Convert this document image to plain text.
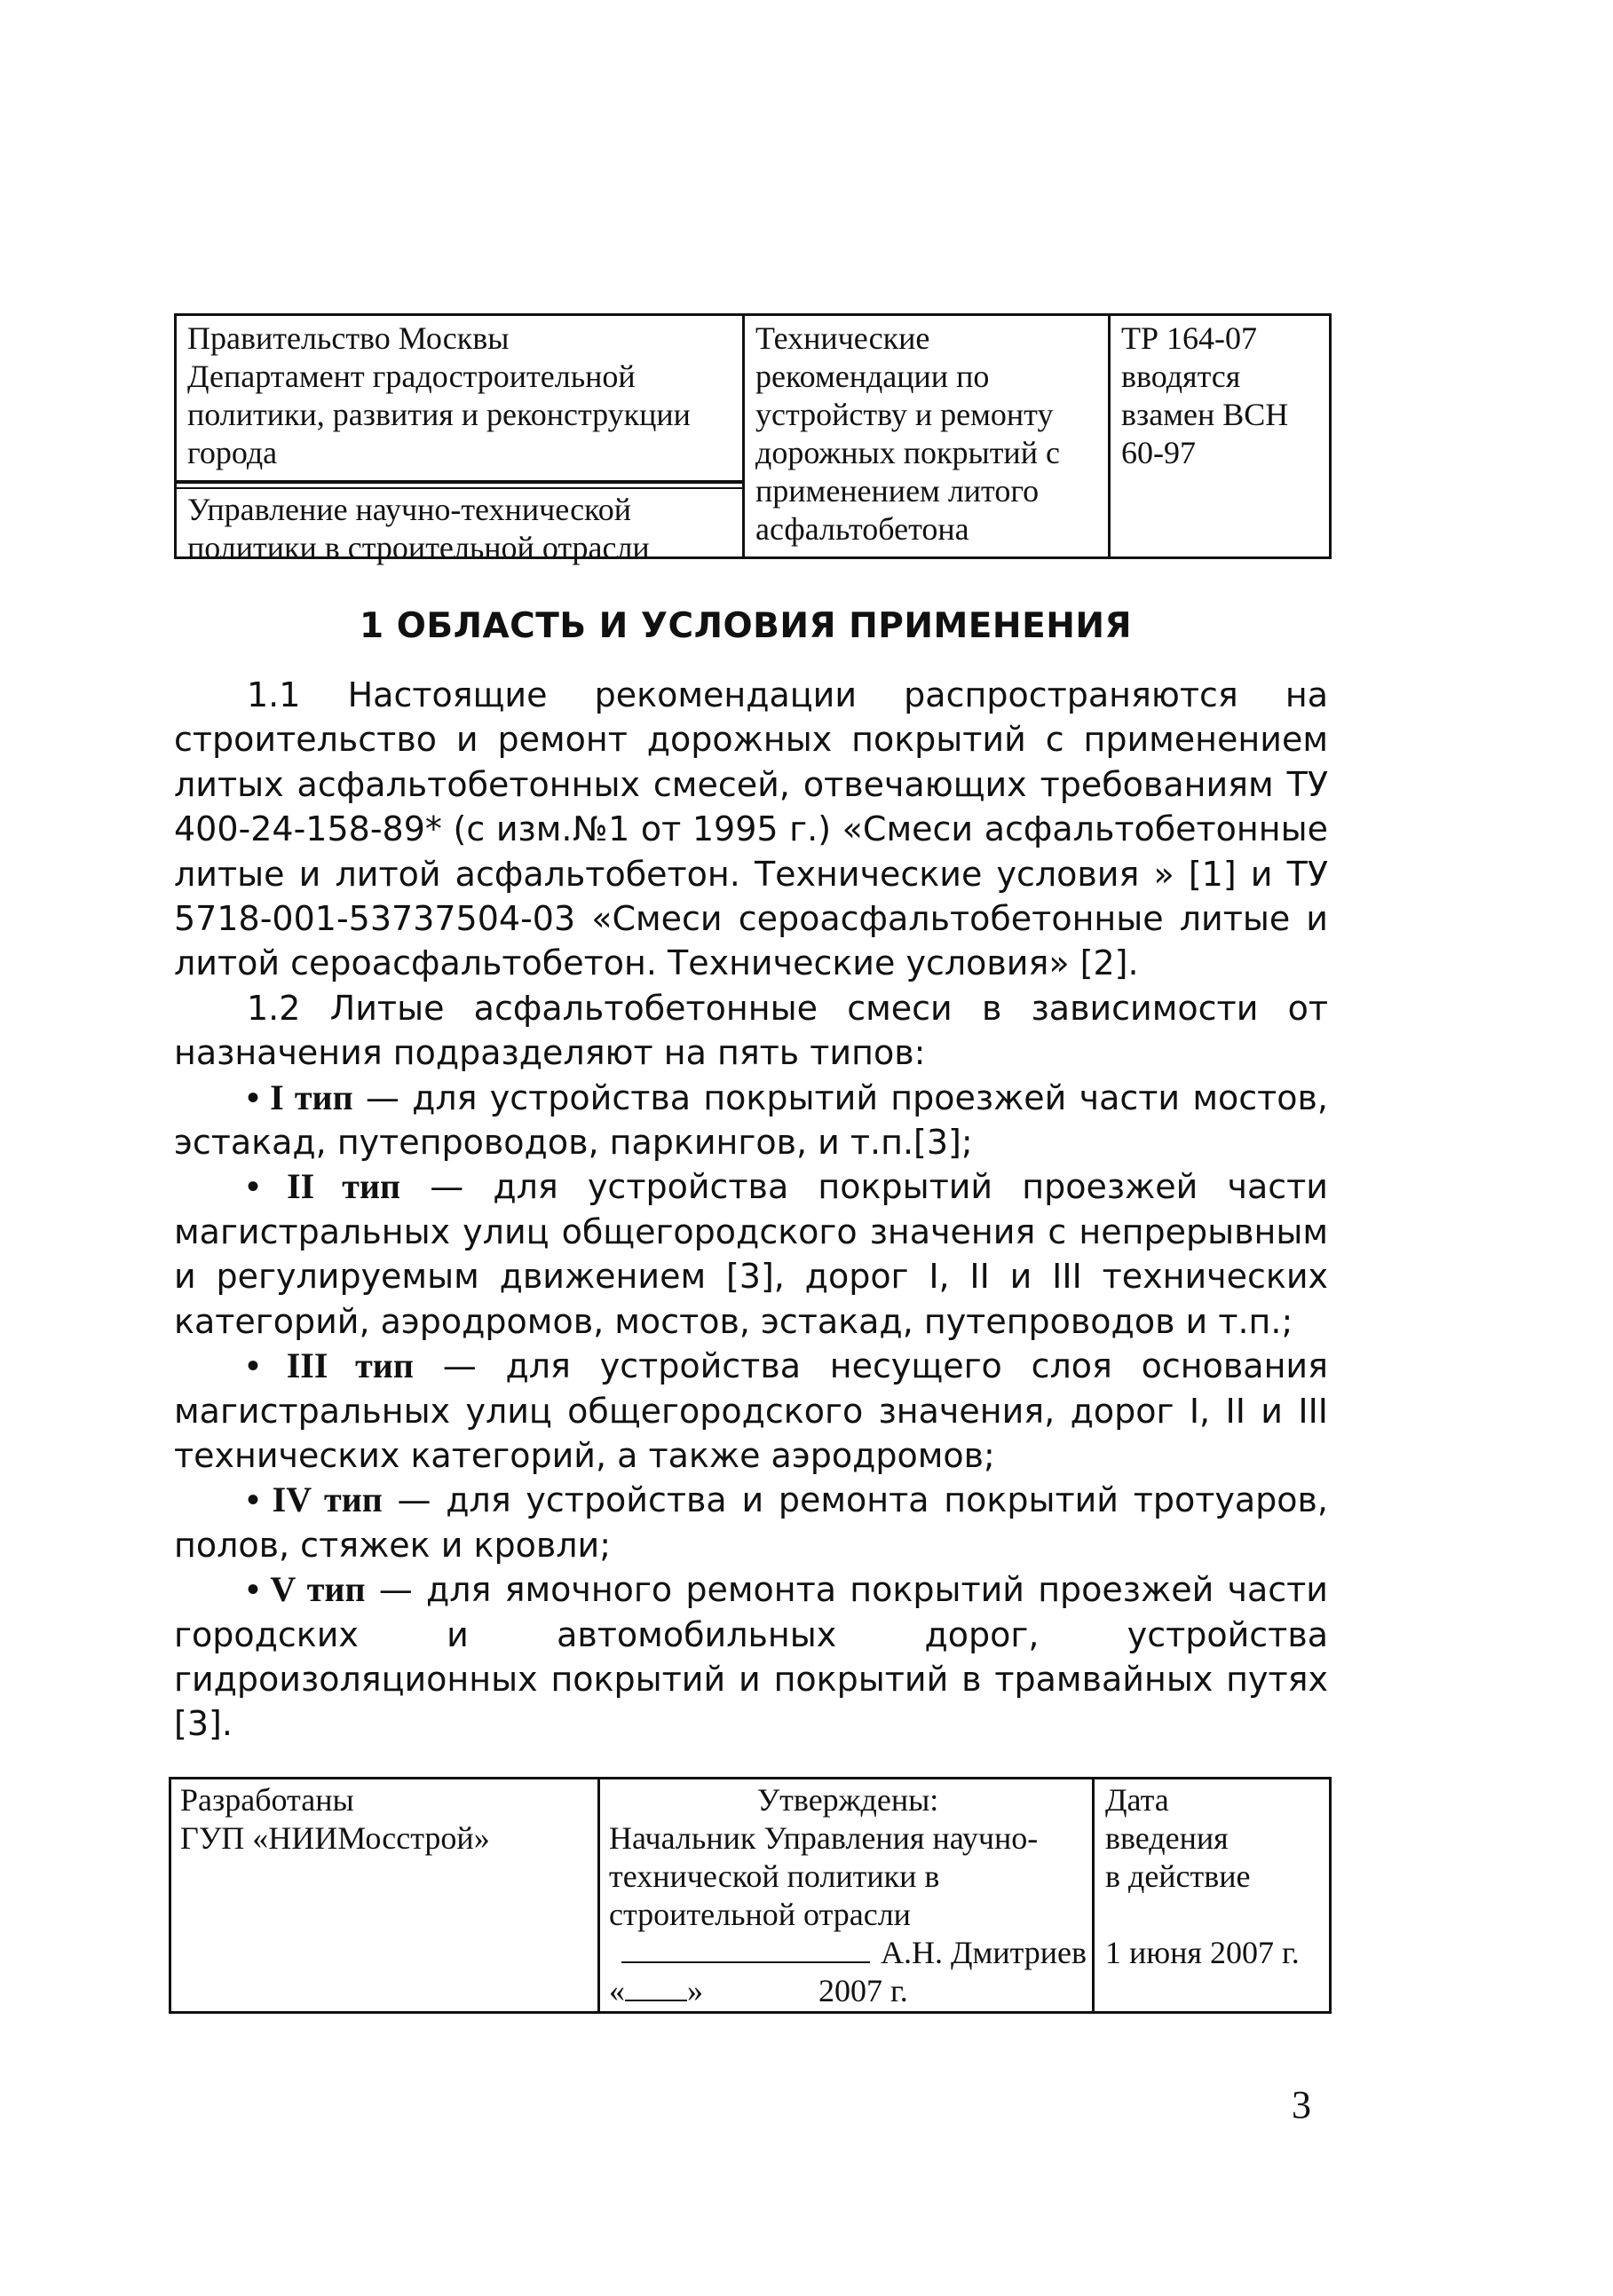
Правительство Москвы
Департамент градостроительной
политики, развития и реконструкции
города
Управление научно-технической
политики в строительной отрасли
Технические
рекомендации по
устройству и ремонту
дорожных покрытий с
применением литого
асфальтобетона
ТР 164-07
вводятся
взамен ВСН
60-97
1 ОБЛАСТЬ И УСЛОВИЯ ПРИМЕНЕНИЯ

1.1 Настоящие рекомендации распространяются на строительство и ремонт дорожных покрытий с применением литых асфальтобетонных смесей, отвечающих требованиям ТУ 400-24-158-89* (с изм.№1 от 1995 г.) «Смеси асфальтобетонные литые и литой асфальтобетон. Технические условия » [1] и ТУ 5718-001-53737504-03 «Смеси сероасфальтобетонные литые и литой сероасфальтобетон. Технические условия» [2].

1.2 Литые асфальтобетонные смеси в зависимости от назначения подразделяют на пять типов:

• I тип — для устройства покрытий проезжей части мостов, эстакад, путепроводов, паркингов, и т.п.[3];

• II тип — для устройства покрытий проезжей части магистральных улиц общегородского значения с непрерывным и регулируемым движением [3], дорог I, II и III технических категорий, аэродромов, мостов, эстакад, путепроводов и т.п.;

• III тип — для устройства несущего слоя основания магистральных улиц общегородского значения, дорог I, II и III технических категорий, а также аэродромов;

• IV тип — для устройства и ремонта покрытий тротуаров, полов, стяжек и кровли;

• V тип — для ямочного ремонта покрытий проезжей части городских и автомобильных дорог, устройства гидроизоляционных покрытий и покрытий в трамвайных путях [3].

Разработаны
ГУП «НИИМосстрой»
Утверждены:
Начальник Управления научно-
технической политики в
строительной отрасли
А.Н. Дмитриев
« »	2007 г.
Дата
введения
в действие

1 июня 2007 г.
3
